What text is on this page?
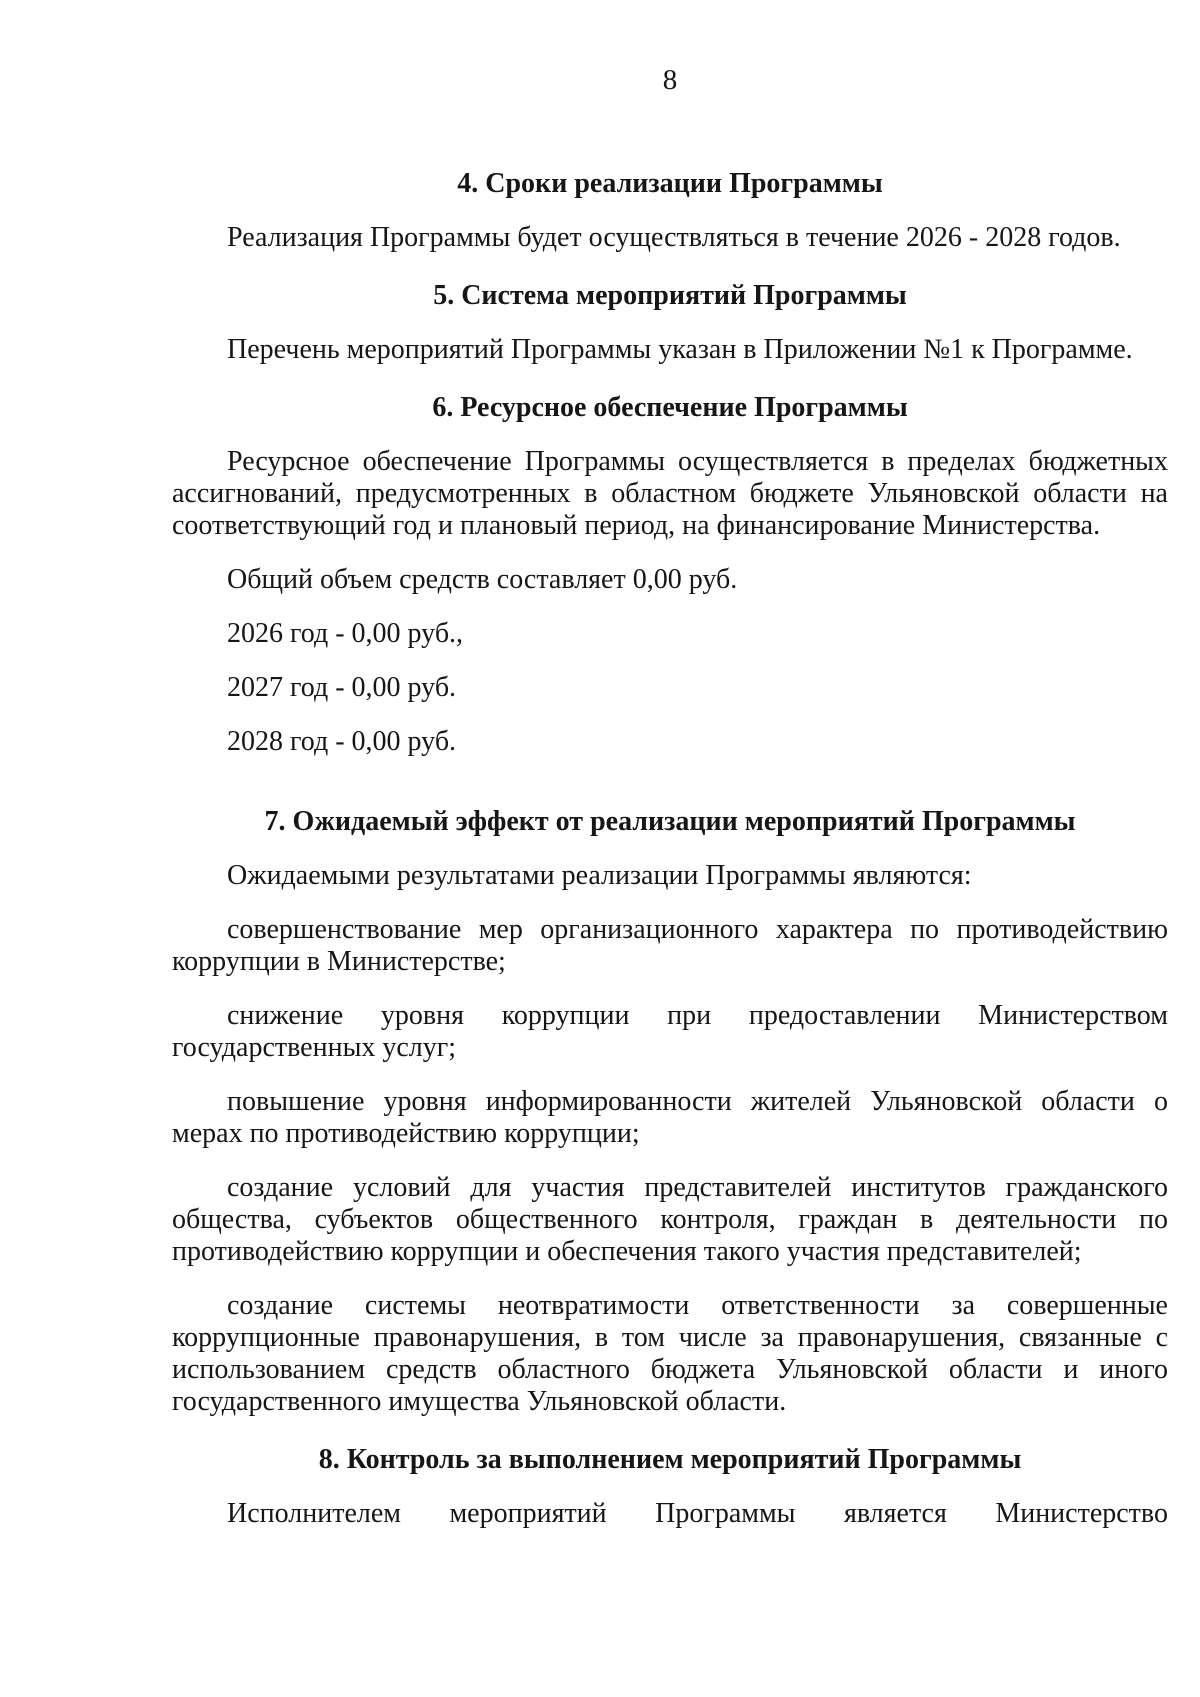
8
4. Сроки реализации Программы

Реализация Программы будет осуществляться в течение 2026 - 2028 годов.

5. Система мероприятий Программы

Перечень мероприятий Программы указан в Приложении №1 к Программе.

6. Ресурсное обеспечение Программы

Ресурсное обеспечение Программы осуществляется в пределах бюджетных ассигнований, предусмотренных в областном бюджете Ульяновской области на соответствующий год и плановый период, на финансирование Министерства.

Общий объем средств составляет 0,00 руб.

2026 год - 0,00 руб.,

2027 год - 0,00 руб.

2028 год - 0,00 руб.

7. Ожидаемый эффект от реализации мероприятий Программы

Ожидаемыми результатами реализации Программы являются:

совершенствование мер организационного характера по противодействию коррупции в Министерстве;

снижение уровня коррупции при предоставлении Министерством государственных услуг;

повышение уровня информированности жителей Ульяновской области о мерах по противодействию коррупции;

создание условий для участия представителей институтов гражданского общества, субъектов общественного контроля, граждан в деятельности по противодействию коррупции и обеспечения такого участия представителей;

создание системы неотвратимости ответственности за совершенные коррупционные правонарушения, в том числе за правонарушения, связанные с использованием средств областного бюджета Ульяновской области и иного государственного имущества Ульяновской области.

8. Контроль за выполнением мероприятий Программы
Исполнителем мероприятий Программы является Министерство
